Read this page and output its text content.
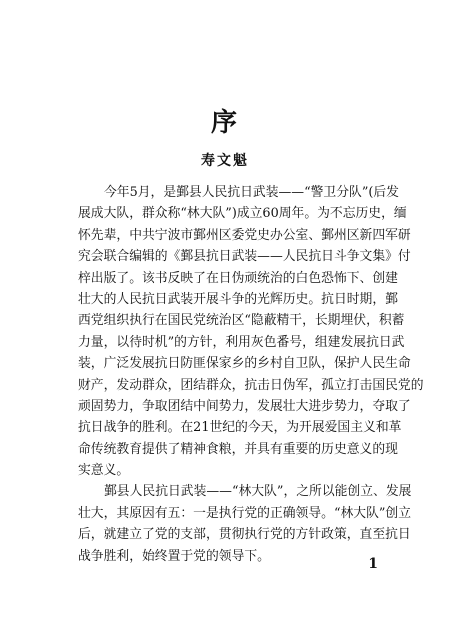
序
寿文魁

今年5月，是鄞县人民抗日武装——“警卫分队”(后发
展成大队，群众称“林大队”)成立60周年。为不忘历史，缅
怀先辈，中共宁波市鄞州区委党史办公室、鄞州区新四军研
究会联合编辑的《鄞县抗日武装——人民抗日斗争文集》付
梓出版了。该书反映了在日伪顽统治的白色恐怖下、创建
壮大的人民抗日武装开展斗争的光辉历史。抗日时期，鄞
西党组织执行在国民党统治区“隐蔽精干，长期埋伏，积蓄
力量，以待时机”的方针，利用灰色番号，组建发展抗日武
装，广泛发展抗日防匪保家乡的乡村自卫队，保护人民生命
财产，发动群众，团结群众，抗击日伪军，孤立打击国民党的
顽固势力，争取团结中间势力，发展壮大进步势力，夺取了
抗日战争的胜利。在21世纪的今天，为开展爱国主义和革
命传统教育提供了精神食粮，并具有重要的历史意义的现
实意义。

鄞县人民抗日武装——“林大队”，之所以能创立、发展
壮大，其原因有五：一是执行党的正确领导。“林大队”创立
后，就建立了党的支部，贯彻执行党的方针政策，直至抗日
战争胜利，始终置于党的领导下。	1
